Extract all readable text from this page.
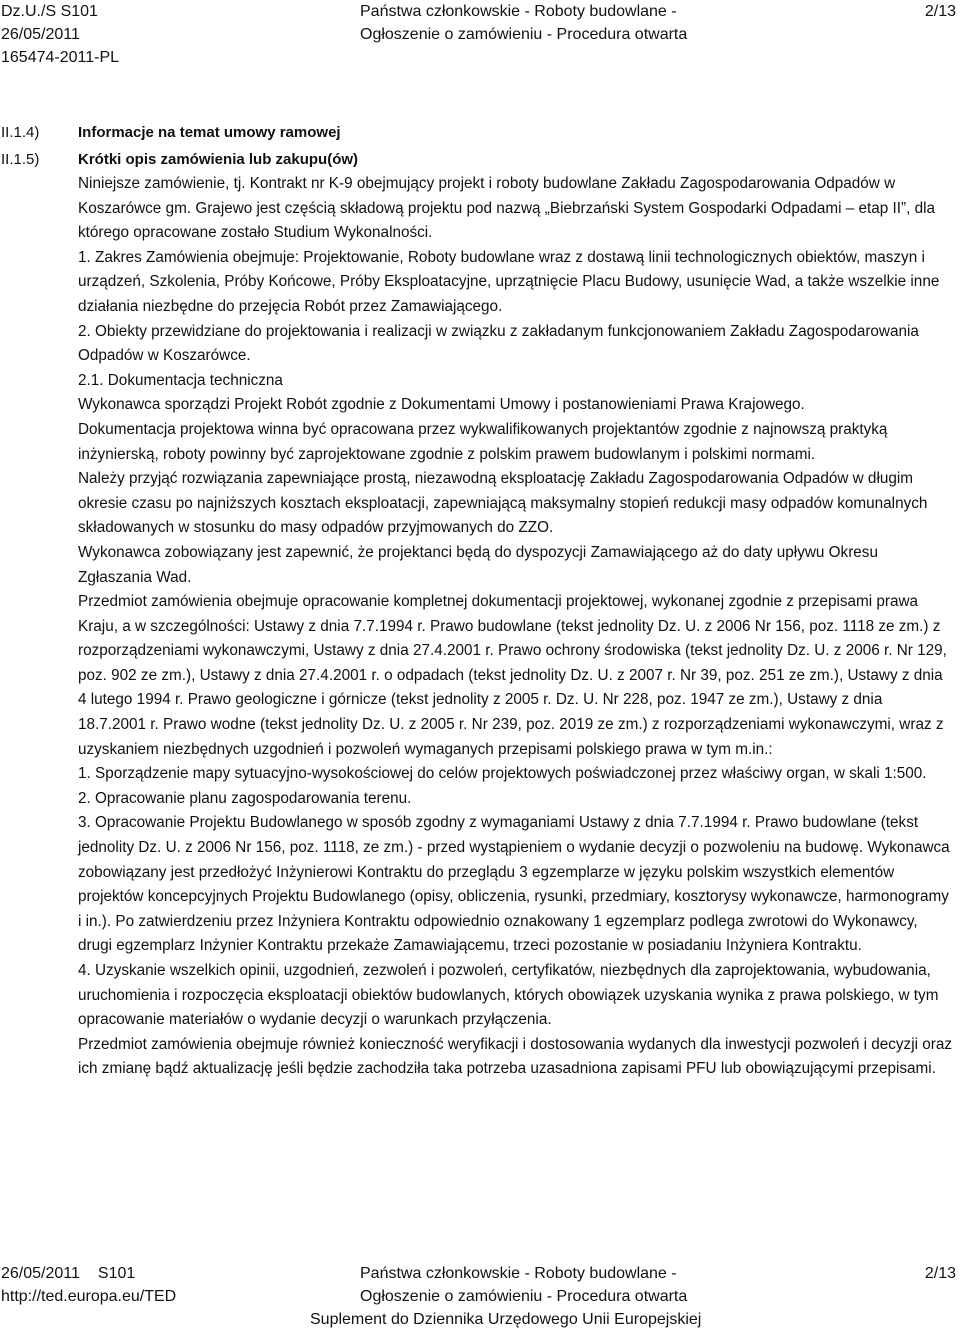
Dz.U./S S101
26/05/2011
165474-2011-PL
Państwa członkowskie - Roboty budowlane -
Ogłoszenie o zamówieniu - Procedura otwarta
2/13
II.1.4)	Informacje na temat umowy ramowej
II.1.5)	Krótki opis zamówienia lub zakupu(ów)

Niniejsze zamówienie, tj. Kontrakt nr K-9 obejmujący projekt i roboty budowlane Zakładu Zagospodarowania Odpadów w Koszarówce gm. Grajewo jest częścią składową projektu pod nazwą „Biebrzański System Gospodarki Odpadami – etap II”, dla którego opracowane zostało Studium Wykonalności.

1. Zakres Zamówienia obejmuje: Projektowanie, Roboty budowlane wraz z dostawą linii technologicznych obiektów, maszyn i urządzeń, Szkolenia, Próby Końcowe, Próby Eksploatacyjne, uprzątnięcie Placu Budowy, usunięcie Wad, a także wszelkie inne działania niezbędne do przejęcia Robót przez Zamawiającego.

2. Obiekty przewidziane do projektowania i realizacji w związku z zakładanym funkcjonowaniem Zakładu Zagospodarowania Odpadów w Koszarówce.

2.1. Dokumentacja techniczna

Wykonawca sporządzi Projekt Robót zgodnie z Dokumentami Umowy i postanowieniami Prawa Krajowego.

Dokumentacja projektowa winna być opracowana przez wykwalifikowanych projektantów zgodnie z najnowszą praktyką inżynierską, roboty powinny być zaprojektowane zgodnie z polskim prawem budowlanym i polskimi normami.

Należy przyjąć rozwiązania zapewniające prostą, niezawodną eksploatację Zakładu Zagospodarowania Odpadów w długim okresie czasu po najniższych kosztach eksploatacji, zapewniającą maksymalny stopień redukcji masy odpadów komunalnych składowanych w stosunku do masy odpadów przyjmowanych do ZZO.

Wykonawca zobowiązany jest zapewnić, że projektanci będą do dyspozycji Zamawiającego aż do daty upływu Okresu Zgłaszania Wad.

Przedmiot zamówienia obejmuje opracowanie kompletnej dokumentacji projektowej, wykonanej zgodnie z przepisami prawa Kraju, a w szczególności: Ustawy z dnia 7.7.1994 r. Prawo budowlane (tekst jednolity Dz. U. z 2006 Nr 156, poz. 1118 ze zm.) z rozporządzeniami wykonawczymi, Ustawy z dnia 27.4.2001 r. Prawo ochrony środowiska (tekst jednolity Dz. U. z 2006 r. Nr 129, poz. 902 ze zm.), Ustawy z dnia 27.4.2001 r. o odpadach (tekst jednolity Dz. U. z 2007 r. Nr 39, poz. 251 ze zm.), Ustawy z dnia 4 lutego 1994 r. Prawo geologiczne i górnicze (tekst jednolity z 2005 r. Dz. U. Nr 228, poz. 1947 ze zm.), Ustawy z dnia 18.7.2001 r. Prawo wodne (tekst jednolity Dz. U. z 2005 r. Nr 239, poz. 2019 ze zm.) z rozporządzeniami wykonawczymi, wraz z uzyskaniem niezbędnych uzgodnień i pozwoleń wymaganych przepisami polskiego prawa w tym m.in.:

1. Sporządzenie mapy sytuacyjno-wysokościowej do celów projektowych poświadczonej przez właściwy organ, w skali 1:500.

2. Opracowanie planu zagospodarowania terenu.

3. Opracowanie Projektu Budowlanego w sposób zgodny z wymaganiami Ustawy z dnia 7.7.1994 r. Prawo budowlane (tekst jednolity Dz. U. z 2006 Nr 156, poz. 1118, ze zm.) - przed wystąpieniem o wydanie decyzji o pozwoleniu na budowę. Wykonawca zobowiązany jest przedłożyć Inżynierowi Kontraktu do przeglądu 3 egzemplarze w języku polskim wszystkich elementów projektów koncepcyjnych Projektu Budowlanego (opisy, obliczenia, rysunki, przedmiary, kosztorysy wykonawcze, harmonogramy i in.). Po zatwierdzeniu przez Inżyniera Kontraktu odpowiednio oznakowany 1 egzemplarz podlega zwrotowi do Wykonawcy, drugi egzemplarz Inżynier Kontraktu przekaże Zamawiającemu, trzeci pozostanie w posiadaniu Inżyniera Kontraktu.

4. Uzyskanie wszelkich opinii, uzgodnień, zezwoleń i pozwoleń, certyfikatów, niezbędnych dla zaprojektowania, wybudowania, uruchomienia i rozpoczęcia eksploatacji obiektów budowlanych, których obowiązek uzyskania wynika z prawa polskiego, w tym opracowanie materiałów o wydanie decyzji o warunkach przyłączenia.

Przedmiot zamówienia obejmuje również konieczność weryfikacji i dostosowania wydanych dla inwestycji pozwoleń i decyzji oraz ich zmianę bądź aktualizację jeśli będzie zachodziła taka potrzeba uzasadniona zapisami PFU lub obowiązującymi przepisami.

26/05/2011 S101
http://ted.europa.eu/TED
Państwa członkowskie - Roboty budowlane -
Ogłoszenie o zamówieniu - Procedura otwarta
Suplement do Dziennika Urzędowego Unii Europejskiej
2/13
